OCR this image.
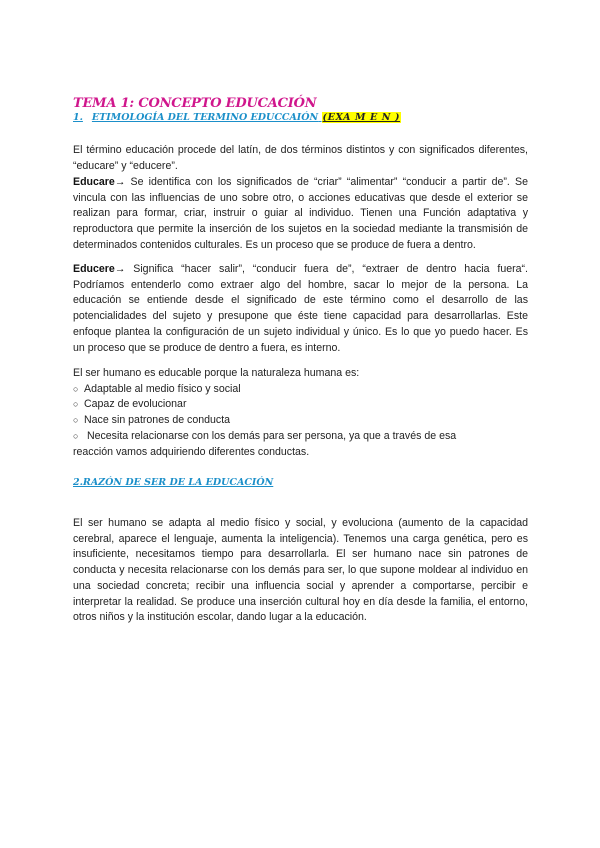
TEMA 1: CONCEPTO EDUCACIÓN
1. ETIMOLOGÍA DEL TERMINO EDUCCAIÓN (EXA M E N )

El término educación procede del latín, de dos términos distintos y con significados diferentes, “educare” y “educere”.

Educare→ Se identifica con los significados de “criar” “alimentar” “conducir a partir de”. Se vincula con las influencias de uno sobre otro, o acciones educativas que desde el exterior se realizan para formar, criar, instruir o guiar al individuo. Tienen una Función adaptativa y reproductora que permite la inserción de los sujetos en la sociedad mediante la transmisión de determinados contenidos culturales. Es un proceso que se produce de fuera a dentro.

Educere→ Significa “hacer salir”, “conducir fuera de”, “extraer de dentro hacia fuera“. Podríamos entenderlo como extraer algo del hombre, sacar lo mejor de la persona. La educación se entiende desde el significado de este término como el desarrollo de las potencialidades del sujeto y presupone que éste tiene capacidad para desarrollarlas. Este enfoque plantea la configuración de un sujeto individual y único. Es lo que yo puedo hacer. Es un proceso que se produce de dentro a fuera, es interno.

El ser humano es educable porque la naturaleza humana es:

○ Adaptable al medio físico y social
○ Capaz de evolucionar
○ Nace sin patrones de conducta
○ Necesita relacionarse con los demás para ser persona, ya que a través de esa
reacción vamos adquiriendo diferentes conductas.
2.RAZÓN DE SER DE LA EDUCACIÓN

El ser humano se adapta al medio físico y social, y evoluciona (aumento de la capacidad cerebral, aparece el lenguaje, aumenta la inteligencia). Tenemos una carga genética, pero es insuficiente, necesitamos tiempo para desarrollarla. El ser humano nace sin patrones de conducta y necesita relacionarse con los demás para ser, lo que supone moldear al individuo en una sociedad concreta; recibir una influencia social y aprender a comportarse, percibir e interpretar la realidad. Se produce una inserción cultural hoy en día desde la familia, el entorno, otros niños y la institución escolar, dando lugar a la educación.
